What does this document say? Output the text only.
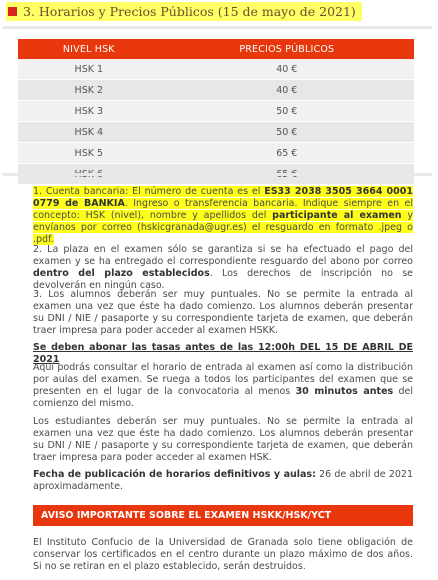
3. Horarios y Precios Públicos (15 de mayo de 2021)
NIVEL HSK	PRECIOS PÚBLICOS
HSK 1	40 €
HSK 2	40 €
HSK 3	50 €
HSK 4	50 €
HSK 5	65 €

1. Cuenta bancaria: El número de cuenta es el ES33 2038 3505 3664 0001 0779 de BANKIA. Ingreso o transferencia bancaria. Indique siempre en el concepto: HSK (nivel), nombre y apellidos del participante al examen y envíanos por correo (hskicgranada@ugr.es) el resguardo en formato .jpeg o .pdf.
2. La plaza en el examen sólo se garantiza si se ha efectuado el pago del examen y se ha entregado el correspondiente resguardo del abono por correo dentro del plazo establecidos. Los derechos de inscripción no se devolverán en ningún caso.
3. Los alumnos deberán ser muy puntuales. No se permite la entrada al examen una vez que éste ha dado comienzo. Los alumnos deberán presentar su DNI / NIE / pasaporte y su correspondiente tarjeta de examen, que deberán traer impresa para poder acceder al examen HSKK.
Se deben abonar las tasas antes de las 12:00h DEL 15 DE ABRIL DE 2021
Aquí podrás consultar el horario de entrada al examen así como la distribución por aulas del examen. Se ruega a todos los participantes del examen que se presenten en el lugar de la convocatoria al menos 30 minutos antes del comienzo del mismo.
Los estudiantes deberán ser muy puntuales. No se permite la entrada al examen una vez que éste ha dado comienzo. Los alumnos deberán presentar su DNI / NIE / pasaporte y su correspondiente tarjeta de examen, que deberán traer impresa para poder acceder al examen HSK.
Fecha de publicación de horarios definitivos y aulas: 26 de abril de 2021 aproximadamente.
AVISO IMPORTANTE SOBRE EL EXAMEN HSKK/HSK/YCT
El Instituto Confucio de la Universidad de Granada solo tiene obligación de conservar los certificados en el centro durante un plazo máximo de dos años. Si no se retiran en el plazo establecido, serán destruidos.
